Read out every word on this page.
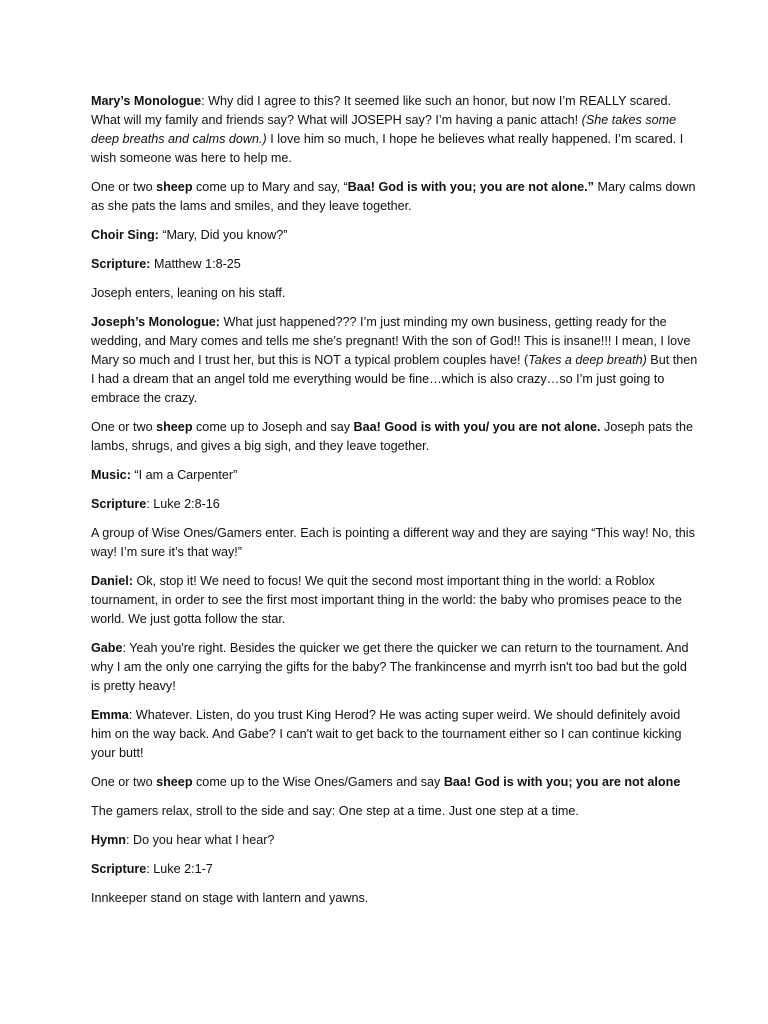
Mary’s Monologue: Why did I agree to this? It seemed like such an honor, but now I’m REALLY scared. What will my family and friends say? What will JOSEPH say? I’m having a panic attach! (She takes some deep breaths and calms down.) I love him so much, I hope he believes what really happened. I’m scared. I wish someone was here to help me.

One or two sheep come up to Mary and say, “Baa! God is with you; you are not alone.” Mary calms down as she pats the lams and smiles, and they leave together.

Choir Sing: “Mary, Did you know?”

Scripture: Matthew 1:8-25

Joseph enters, leaning on his staff.

Joseph’s Monologue: What just happened??? I’m just minding my own business, getting ready for the wedding, and Mary comes and tells me she’s pregnant! With the son of God!! This is insane!!! I mean, I love Mary so much and I trust her, but this is NOT a typical problem couples have! (Takes a deep breath) But then I had a dream that an angel told me everything would be fine…which is also crazy…so I’m just going to embrace the crazy.

One or two sheep come up to Joseph and say Baa! Good is with you/ you are not alone. Joseph pats the lambs, shrugs, and gives a big sigh, and they leave together.

Music: “I am a Carpenter”

Scripture: Luke 2:8-16

A group of Wise Ones/Gamers enter. Each is pointing a different way and they are saying “This way! No, this way! I’m sure it’s that way!”

Daniel: Ok, stop it! We need to focus! We quit the second most important thing in the world: a Roblox tournament, in order to see the first most important thing in the world: the baby who promises peace to the world. We just gotta follow the star.

Gabe: Yeah you're right. Besides the quicker we get there the quicker we can return to the tournament. And why I am the only one carrying the gifts for the baby? The frankincense and myrrh isn't too bad but the gold is pretty heavy!

Emma: Whatever. Listen, do you trust King Herod? He was acting super weird. We should definitely avoid him on the way back. And Gabe? I can't wait to get back to the tournament either so I can continue kicking your butt!

One or two sheep come up to the Wise Ones/Gamers and say Baa! God is with you; you are not alone

The gamers relax, stroll to the side and say: One step at a time. Just one step at a time.

Hymn: Do you hear what I hear?

Scripture: Luke 2:1-7

Innkeeper stand on stage with lantern and yawns.
